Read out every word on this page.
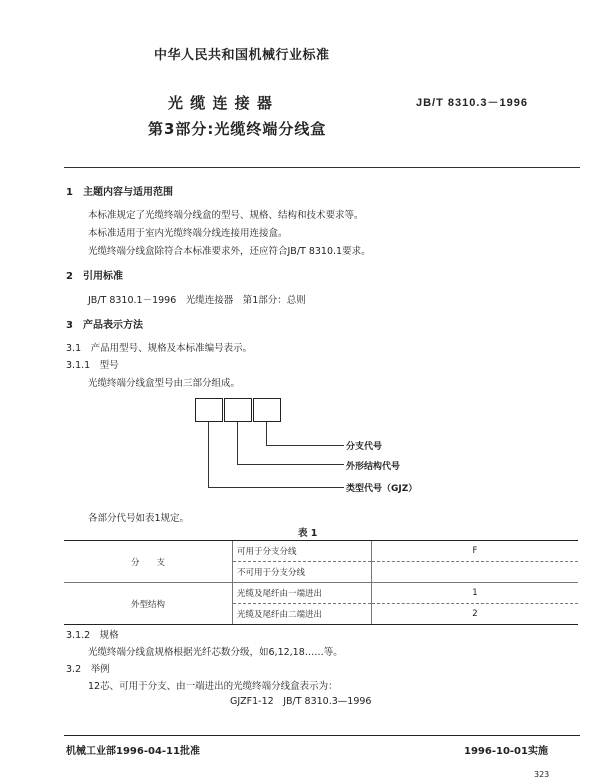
中华人民共和国机械行业标准
光 缆 连 接 器	JB/T 8310.3－1996
第3部分:光缆终端分线盒
1　主题内容与适用范围
本标准规定了光缆终端分线盒的型号、规格、结构和技术要求等。
本标准适用于室内光缆终端分线连接用连接盒。
光缆终端分线盒除符合本标准要求外，还应符合JB/T 8310.1要求。
2　引用标准
JB/T 8310.1－1996　光缆连接器　第1部分：总则
3　产品表示方法
3.1　产品用型号、规格及本标准编号表示。
3.1.1　型号
光缆终端分线盒型号由三部分组成。
分支代号
外形结构代号
类型代号（GJZ）
各部分代号如表1规定。
表 1
分　　支	可用于分支分线	F
	不可用于分支分线	
外型结构	光缆及尾纤由一端进出	1
	光缆及尾纤由二端进出	2
3.1.2　规格
光缆终端分线盒规格根据光纤芯数分级，如6,12,18……等。
3.2　举例
12芯、可用于分支、由一端进出的光缆终端分线盒表示为：
GJZF1-12　JB/T 8310.3—1996
机械工业部1996-04-11批准	1996-10-01实施
323
